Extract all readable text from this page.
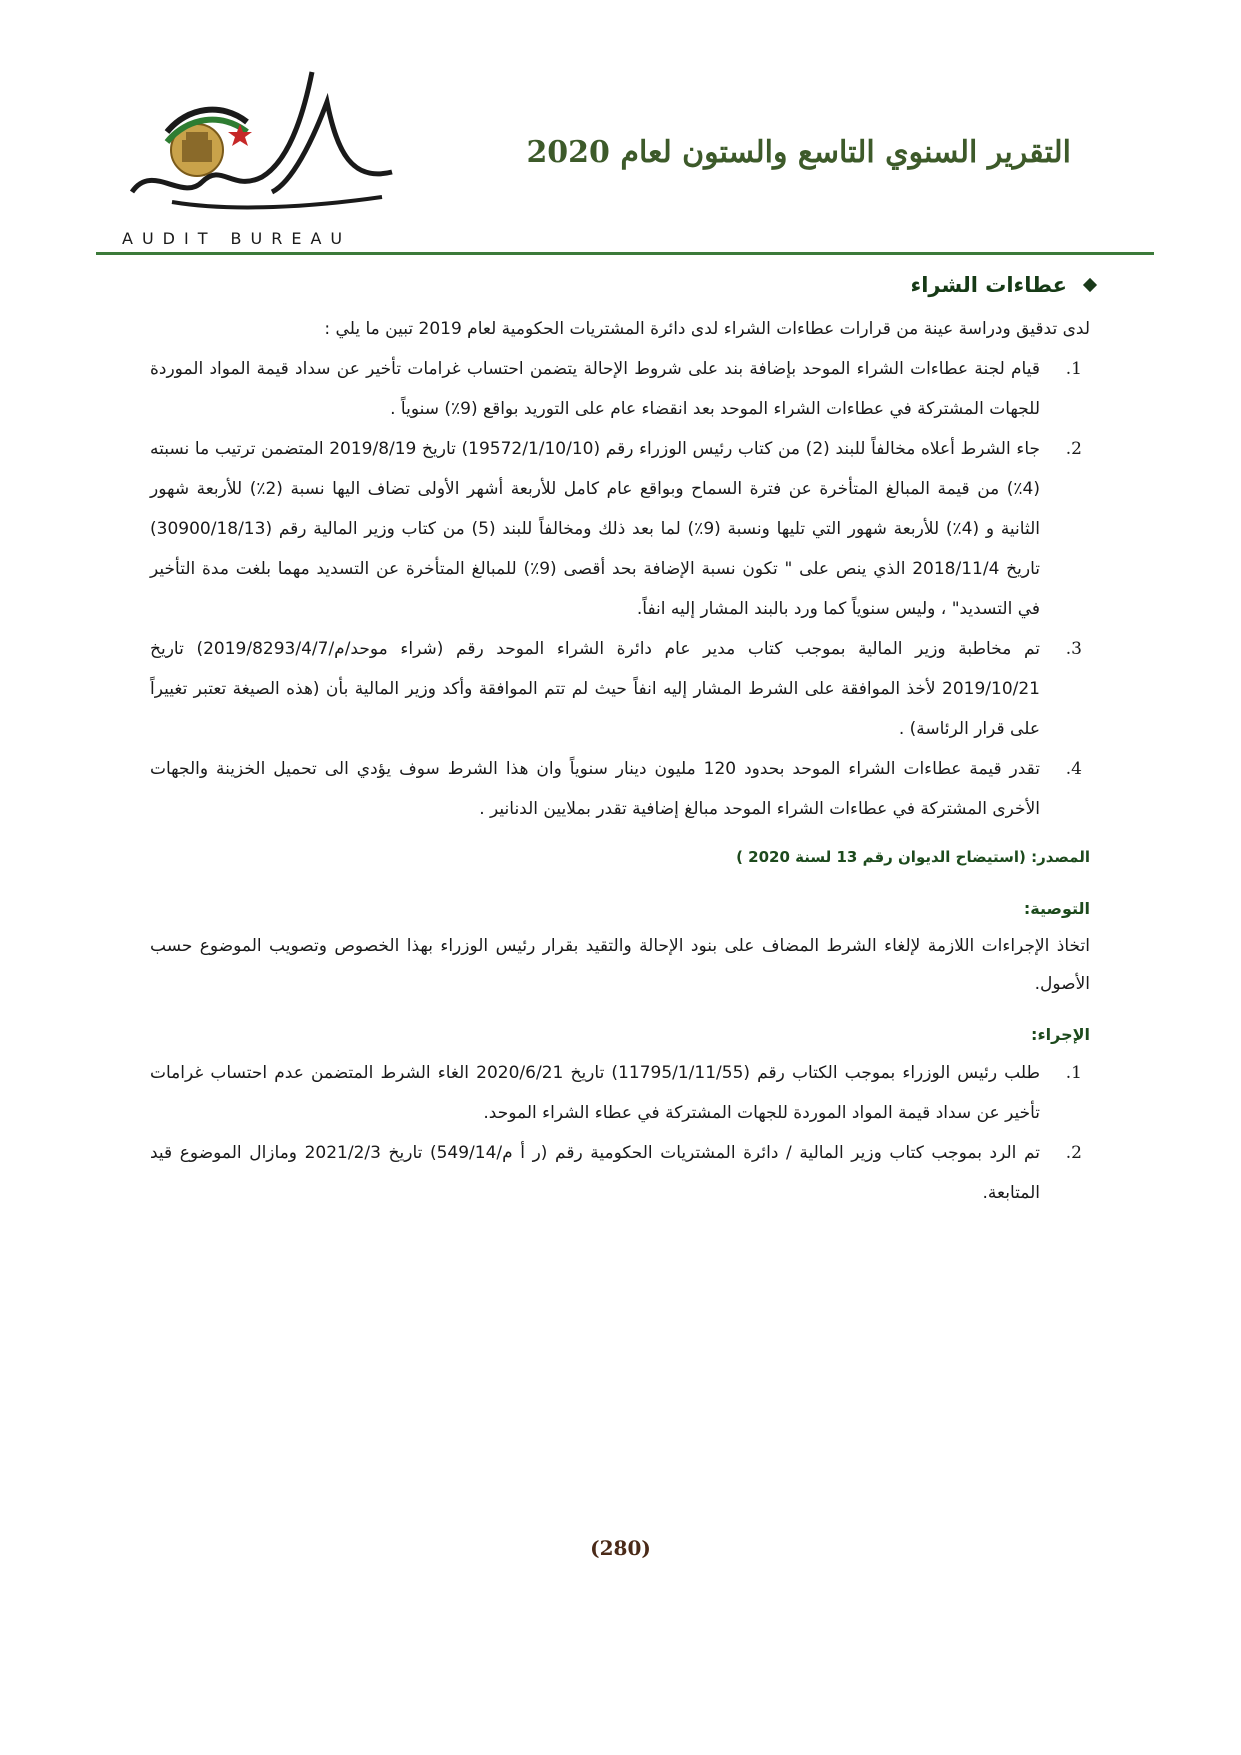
AUDIT BUREAU
التقرير السنوي التاسع والستون لعام 2020
عطاءات الشراء
لدى تدقيق ودراسة عينة من قرارات عطاءات الشراء لدى دائرة المشتريات الحكومية لعام 2019 تبين ما يلي :
1.
قيام لجنة عطاءات الشراء الموحد بإضافة بند على شروط الإحالة يتضمن احتساب غرامات تأخير عن سداد قيمة المواد الموردة للجهات المشتركة في عطاءات الشراء الموحد بعد انقضاء عام على التوريد بواقع (9٪) سنوياً .
2.
جاء الشرط أعلاه مخالفاً للبند (2) من كتاب رئيس الوزراء رقم (19572/1/10/10) تاريخ 2019/8/19 المتضمن ترتيب ما نسبته (4٪) من قيمة المبالغ المتأخرة عن فترة السماح وبواقع عام كامل للأربعة أشهر الأولى تضاف اليها نسبة (2٪) للأربعة شهور الثانية و (4٪) للأربعة شهور التي تليها ونسبة (9٪) لما بعد ذلك ومخالفاً للبند (5) من كتاب وزير المالية رقم (30900/18/13) تاريخ 2018/11/4 الذي ينص على " تكون نسبة الإضافة بحد أقصى (9٪) للمبالغ المتأخرة عن التسديد مهما بلغت مدة التأخير في التسديد" ، وليس سنوياً كما ورد بالبند المشار إليه انفاً.
3.
تم مخاطبة وزير المالية بموجب كتاب مدير عام دائرة الشراء الموحد رقم (شراء موحد/م/2019/8293/4/7) تاريخ 2019/10/21 لأخذ الموافقة على الشرط المشار إليه انفاً حيث لم تتم الموافقة وأكد وزير المالية بأن (هذه الصيغة تعتبر تغييراً على قرار الرئاسة) .
4.
تقدر قيمة عطاءات الشراء الموحد بحدود 120 مليون دينار سنوياً وان هذا الشرط سوف يؤدي الى تحميل الخزينة والجهات الأخرى المشتركة في عطاءات الشراء الموحد مبالغ إضافية تقدر بملايين الدنانير .
المصدر: (استيضاح الديوان رقم 13 لسنة 2020 )
التوصية:
اتخاذ الإجراءات اللازمة لإلغاء الشرط المضاف على بنود الإحالة والتقيد بقرار رئيس الوزراء بهذا الخصوص وتصويب الموضوع حسب الأصول.
الإجراء:
1.
طلب رئيس الوزراء بموجب الكتاب رقم (11795/1/11/55) تاريخ 2020/6/21 الغاء الشرط المتضمن عدم احتساب غرامات تأخير عن سداد قيمة المواد الموردة للجهات المشتركة في عطاء الشراء الموحد.
2.
تم الرد بموجب كتاب وزير المالية / دائرة المشتريات الحكومية رقم (ر أ م/549/14) تاريخ 2021/2/3 ومازال الموضوع قيد المتابعة.
(280)
